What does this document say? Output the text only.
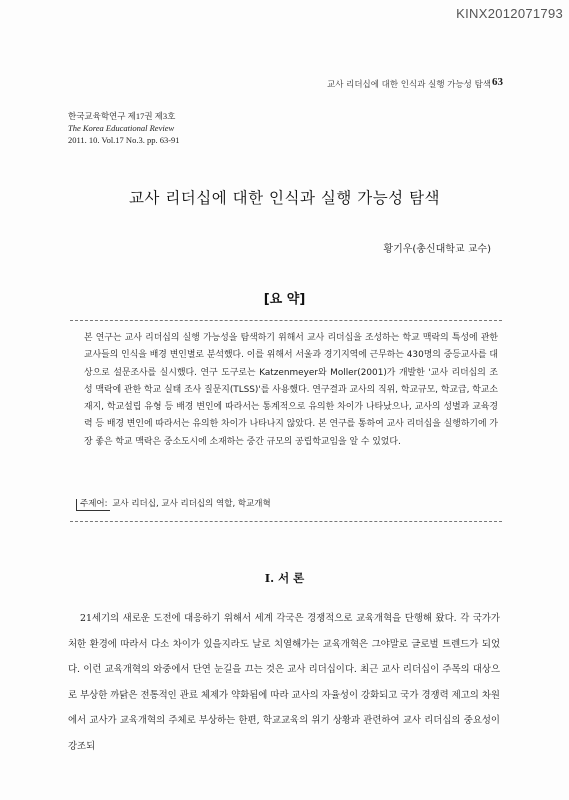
KINX2012071793
교사 리더십에 대한 인식과 실행 가능성 탐색 63
한국교육학연구 제17권 제3호
The Korea Educational Review
2011. 10. Vol.17 No.3. pp. 63-91
교사 리더십에 대한 인식과 실행 가능성 탐색
황기우(총신대학교 교수)
[요 약]
본 연구는 교사 리더십의 실행 가능성을 탐색하기 위해서 교사 리더십을 조성하는 학교 맥락의 특성에 관한 교사들의 인식을 배경 변인별로 분석했다. 이를 위해서 서울과 경기지역에 근무하는 430명의 중등교사를 대상으로 설문조사를 실시했다. 연구 도구로는 Katzenmeyer와 Moller(2001)가 개발한 '교사 리더십의 조성 맥락에 관한 학교 실태 조사 질문지(TLSS)'를 사용했다. 연구결과 교사의 직위, 학교규모, 학교급, 학교소재지, 학교설립 유형 등 배경 변인에 따라서는 통계적으로 유의한 차이가 나타났으나, 교사의 성별과 교육경력 등 배경 변인에 따라서는 유의한 차이가 나타나지 않았다. 본 연구를 통하여 교사 리더십을 실행하기에 가장 좋은 학교 맥락은 중소도시에 소재하는 중간 규모의 공립학교임을 알 수 있었다.
주제어: 교사 리더십, 교사 리더십의 역할, 학교개혁
I. 서 론
21세기의 새로운 도전에 대응하기 위해서 세계 각국은 경쟁적으로 교육개혁을 단행해 왔다. 각 국가가 처한 환경에 따라서 다소 차이가 있을지라도 날로 치열해가는 교육개혁은 그야말로 글로벌 트렌드가 되었다. 이런 교육개혁의 와중에서 단연 눈길을 끄는 것은 교사 리더십이다. 최근 교사 리더십이 주목의 대상으로 부상한 까닭은 전통적인 관료 체제가 약화됨에 따라 교사의 자율성이 강화되고 국가 경쟁력 제고의 차원에서 교사가 교육개혁의 주체로 부상하는 한편, 학교교육의 위기 상황과 관련하여 교사 리더십의 중요성이 강조되
